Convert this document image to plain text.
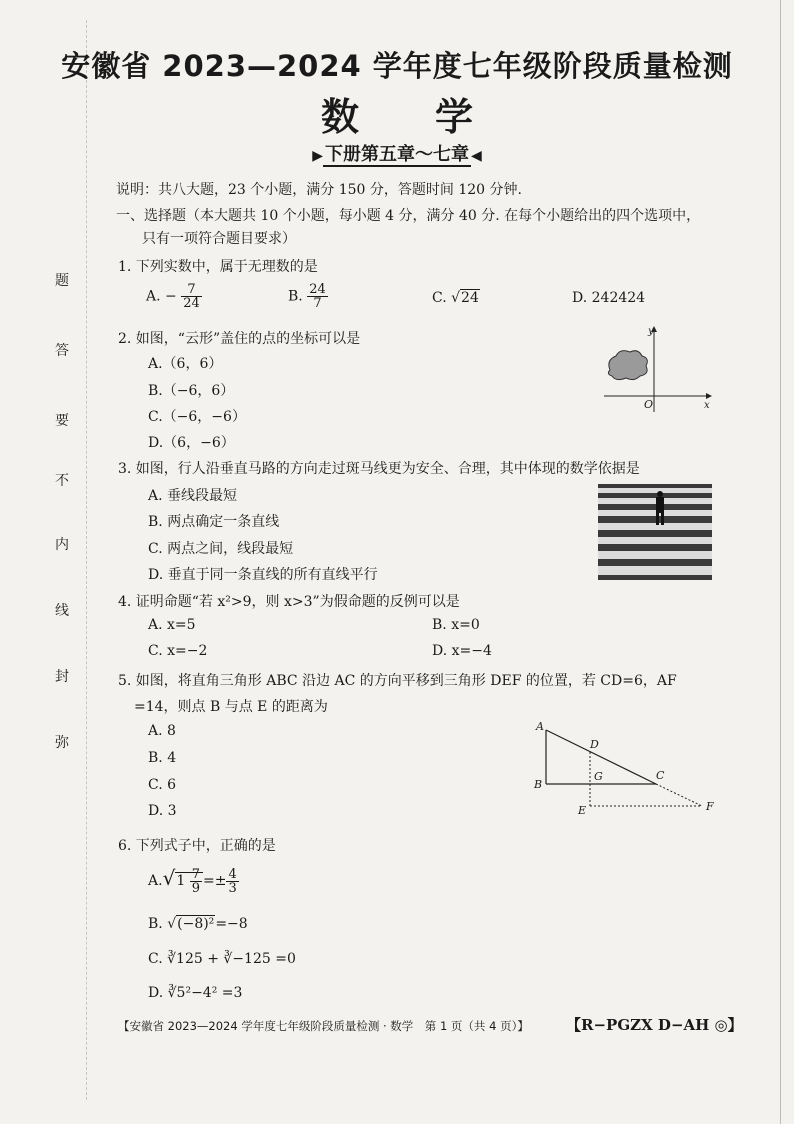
题
答
要
不
内
线
封
弥
安徽省 2023—2024 学年度七年级阶段质量检测
数　　学
▶ 下册第五章～七章 ◀
说明：共八大题，23 个小题，满分 150 分，答题时间 120 分钟.
一、选择题（本大题共 10 个小题，每小题 4 分，满分 40 分. 在每个小题给出的四个选项中，
只有一项符合题目要求）
1. 下列实数中，属于无理数的是
A. − $\frac{7}{24}$	B. $\frac{24}{7}$	C. √24	D. 242424
2. 如图，“云形”盖住的点的坐标可以是
A.（6，6）
B.（−6，6）
C.（−6，−6）
D.（6，−6）
y
x
O
3. 如图，行人沿垂直马路的方向走过斑马线更为安全、合理，其中体现的数学依据是
A. 垂线段最短
B. 两点确定一条直线
C. 两点之间，线段最短
D. 垂直于同一条直线的所有直线平行
4. 证明命题“若 x²>9，则 x>3”为假命题的反例可以是
A. x=5	B. x=0
C. x=−2	D. x=−4
5. 如图，将直角三角形 ABC 沿边 AC 的方向平移到三角形 DEF 的位置，若 CD=6，AF
=14，则点 B 与点 E 的距离为
A. 8
B. 4
C. 6
D. 3
A
B
C
D
E	F
G
6. 下列式子中，正确的是
$A.√1 \frac{7}{9} =\pm \frac{4}{3}$
B. √(−8)²=−8
C. ∛125 + ∛−125 =0
D. ∛5²−4² =3
【安徽省 2023—2024 学年度七年级阶段质量检测 · 数学　第 1 页（共 4 页）】 【R−PGZX D−AH ◎】
